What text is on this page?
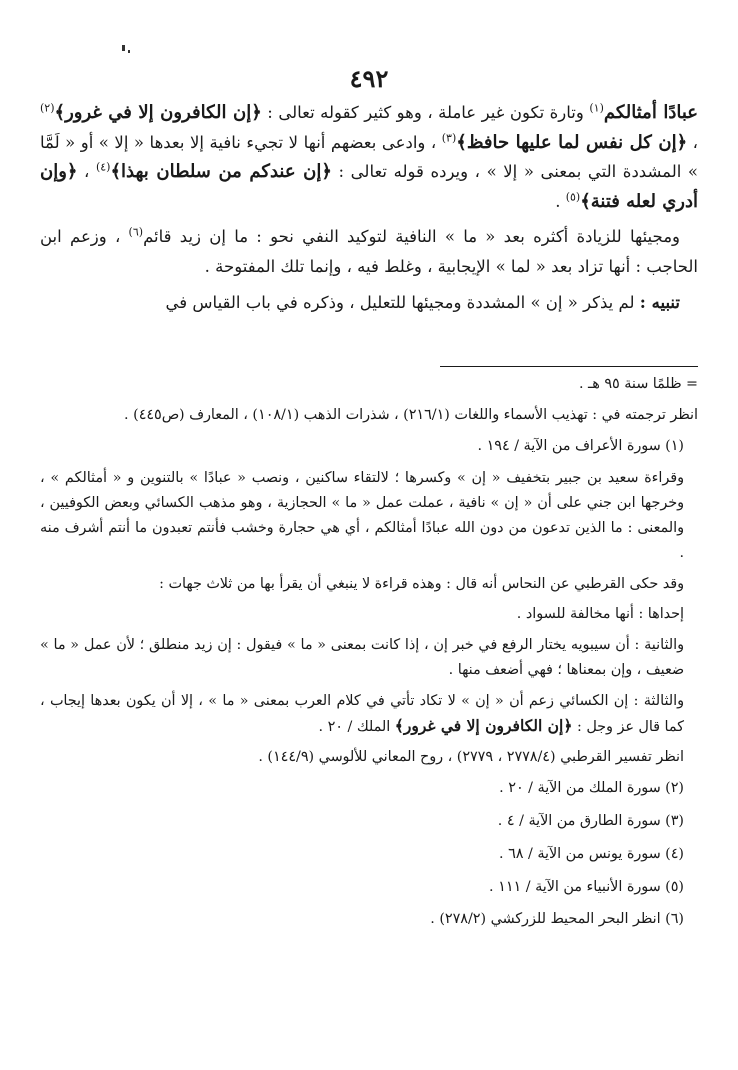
٤٩٢

عبادًا أمثالكم$^{(١)}$ وتارة تكون غير عاملة ، وهو كثير كقوله تعالى : ﴿إن الكافرون إلا في غرور﴾$^{(٢)}$ ، ﴿إن كل نفس لما عليها حافظ﴾$^{(٣)}$ ، وادعى بعضهم أنها لا تجيء نافية إلا بعدها « إلا » أو « لَمَّا » المشددة التي بمعنى « إلا » ، ويرده قوله تعالى : ﴿إن عندكم من سلطان بهذا﴾$^{(٤)}$ ، ﴿وإن أدري لعله فتنة﴾$^{(٥)}$ .

ومجيئها للزيادة أكثره بعد « ما » النافية لتوكيد النفي نحو : ما إن زيد قائم$^{(٦)}$ ، وزعم ابن الحاجب : أنها تزاد بعد « لما » الإيجابية ، وغلط فيه ، وإنما تلك المفتوحة .

تنبيه : لم يذكر « إن » المشددة ومجيئها للتعليل ، وذكره في باب القياس في

= ظلمًا سنة ٩٥ هـ .

انظر ترجمته في : تهذيب الأسماء واللغات (٢١٦/١) ، شذرات الذهب (١٠٨/١) ، المعارف (ص٤٤٥) .

(١) سورة الأعراف من الآية / ١٩٤ .

وقراءة سعيد بن جبير بتخفيف « إن » وكسرها ؛ لالتقاء ساكنين ، ونصب « عبادًا » بالتنوين و « أمثالكم » ، وخرجها ابن جني على أن « إن » نافية ، عملت عمل « ما » الحجازية ، وهو مذهب الكسائي وبعض الكوفيين ، والمعنى : ما الذين تدعون من دون الله عبادًا أمثالكم ، أي هي حجارة وخشب فأنتم تعبدون ما أنتم أشرف منه .

وقد حكى القرطبي عن النحاس أنه قال : وهذه قراءة لا ينبغي أن يقرأ بها من ثلاث جهات :

إحداها : أنها مخالفة للسواد .

والثانية : أن سيبويه يختار الرفع في خبر إن ، إذا كانت بمعنى « ما » فيقول : إن زيد منطلق ؛ لأن عمل « ما » ضعيف ، وإن بمعناها ؛ فهي أضعف منها .

والثالثة : إن الكسائي زعم أن « إن » لا تكاد تأتي في كلام العرب بمعنى « ما » ، إلا أن يكون بعدها إيجاب ، كما قال عز وجل : ﴿إن الكافرون إلا في غرور﴾ الملك / ٢٠ .

انظر تفسير القرطبي (٢٧٧٨/٤ ، ٢٧٧٩) ، روح المعاني للألوسي (١٤٤/٩) .

(٢) سورة الملك من الآية / ٢٠ .

(٣) سورة الطارق من الآية / ٤ .

(٤) سورة يونس من الآية / ٦٨ .

(٥) سورة الأنبياء من الآية / ١١١ .

(٦) انظر البحر المحيط للزركشي (٢٧٨/٢) .
